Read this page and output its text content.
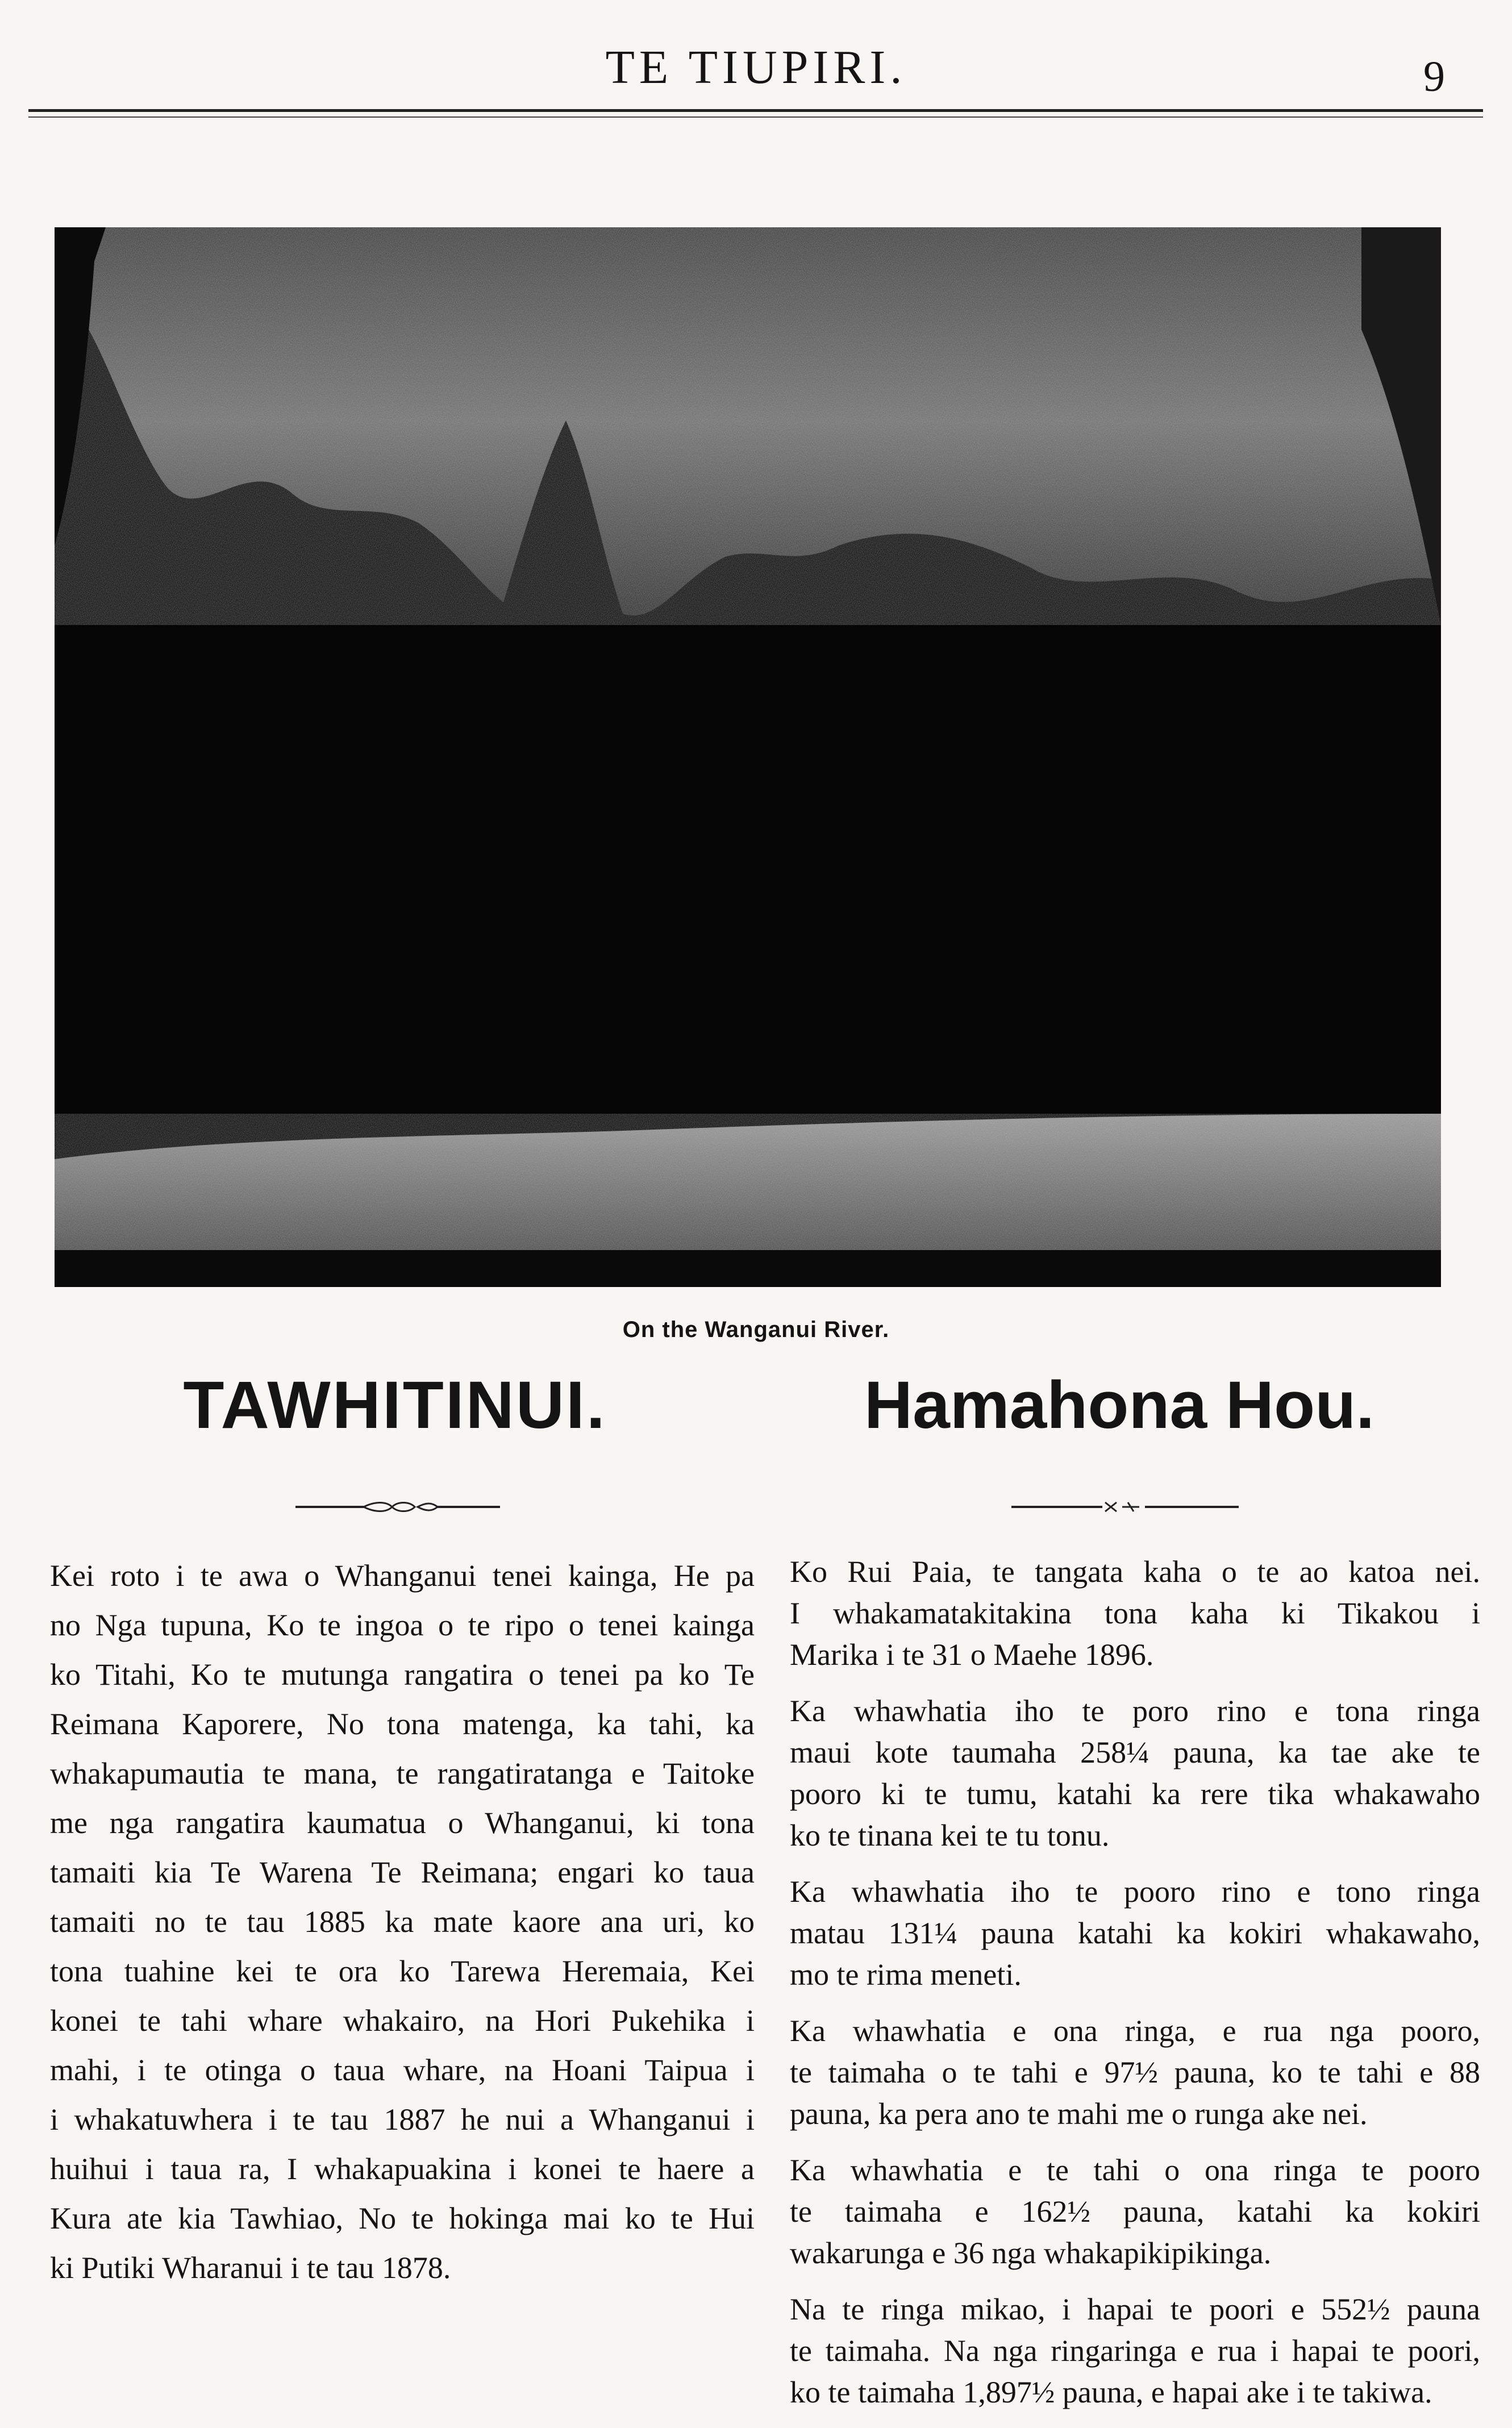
TE TIUPIRI.	9
On the Wanganui River.
TAWHITINUI.	Hamahona Hou.
Kei roto i te awa o Whanganui tenei kainga, He pa
no Nga tupuna, Ko te ingoa o te ripo o tenei kainga
ko Titahi, Ko te mutunga rangatira o tenei pa ko Te
Reimana Kaporere, No tona matenga, ka tahi, ka
whakapumautia te mana, te rangatiratanga e Taitoke
me nga rangatira kaumatua o Whanganui, ki tona
tamaiti kia Te Warena Te Reimana; engari ko taua
tamaiti no te tau 1885 ka mate kaore ana uri, ko
tona tuahine kei te ora ko Tarewa Heremaia, Kei
konei te tahi whare whakairo, na Hori Pukehika i
mahi, i te otinga o taua whare, na Hoani Taipua i
i whakatuwhera i te tau 1887 he nui a Whanganui i
huihui i taua ra, I whakapuakina i konei te haere a
Kura ate kia Tawhiao, No te hokinga mai ko te Hui
ki Putiki Wharanui i te tau 1878.

Ko Rui Paia, te tangata kaha o te ao katoa nei.
I whakamatakitakina tona kaha ki Tikakou i
Marika i te 31 o Maehe 1896.

Ka whawhatia iho te poro rino e tona ringa
maui kote taumaha 258¼ pauna, ka tae ake te
pooro ki te tumu, katahi ka rere tika whakawaho
ko te tinana kei te tu tonu.

Ka whawhatia iho te pooro rino e tono ringa
matau 131¼ pauna katahi ka kokiri whakawaho,
mo te rima meneti.

Ka whawhatia e ona ringa, e rua nga pooro,
te taimaha o te tahi e 97½ pauna, ko te tahi e 88
pauna, ka pera ano te mahi me o runga ake nei.

Ka whawhatia e te tahi o ona ringa te pooro
te taimaha e 162½ pauna, katahi ka kokiri
wakarunga e 36 nga whakapikipikinga.

Na te ringa mikao, i hapai te poori e 552½ pauna
te taimaha. Na nga ringaringa e rua i hapai te poori,
ko te taimaha 1,897½ pauna, e hapai ake i te takiwa.
